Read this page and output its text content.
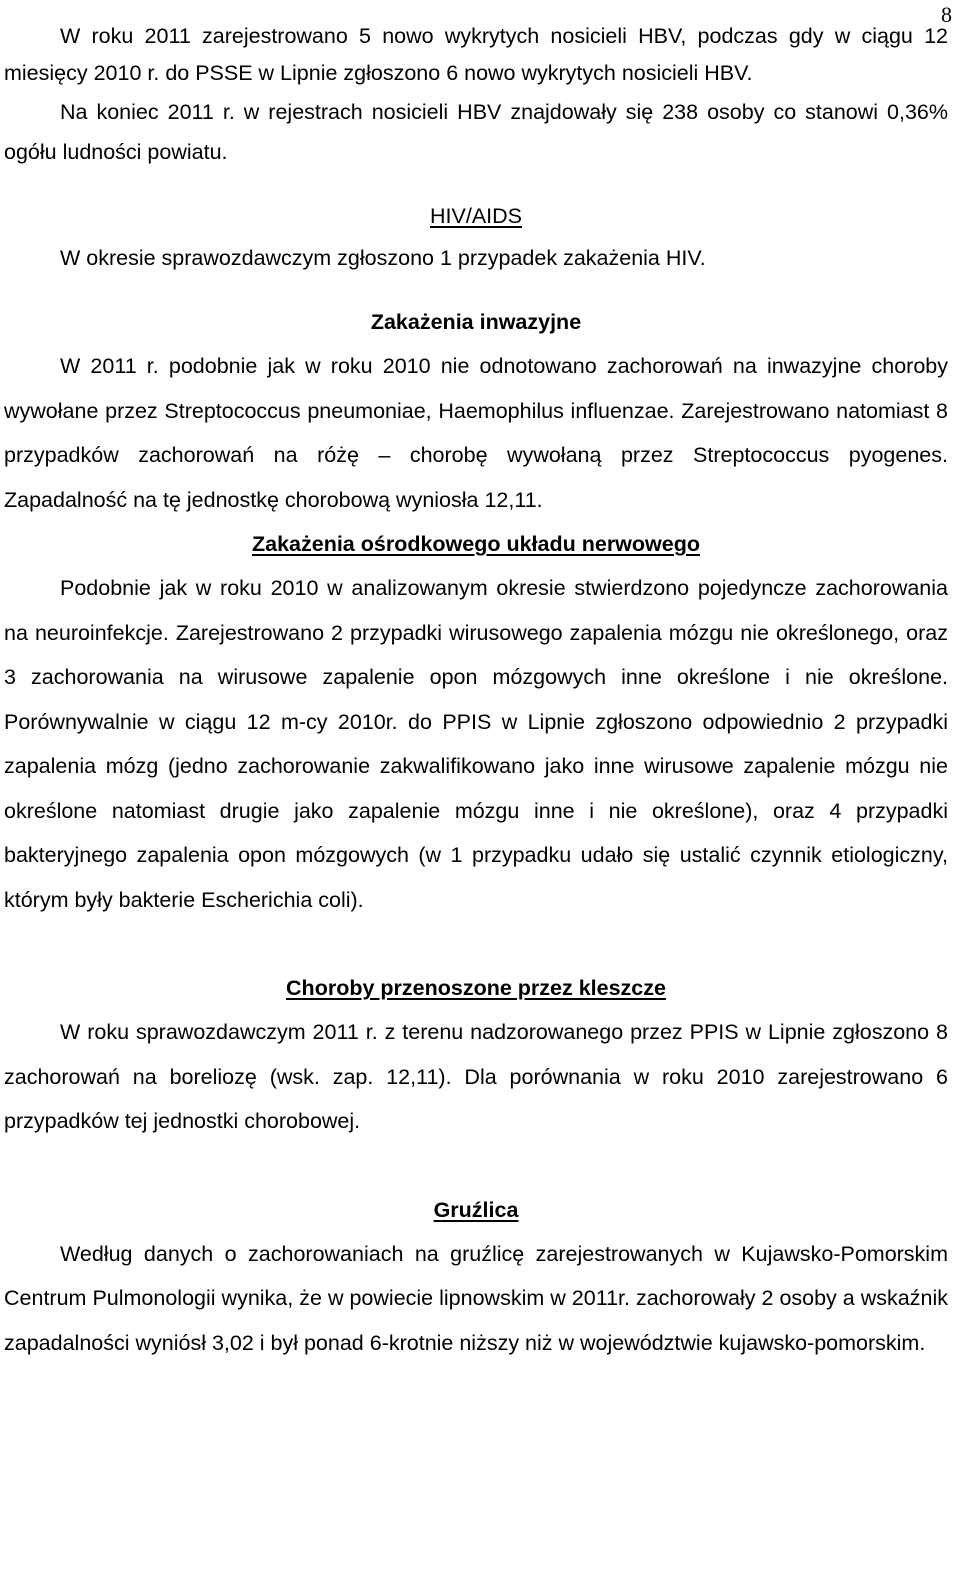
8

W roku 2011 zarejestrowano 5 nowo wykrytych nosicieli HBV, podczas gdy w ciągu 12 miesięcy 2010 r. do PSSE w Lipnie zgłoszono 6 nowo wykrytych nosicieli HBV.

Na koniec 2011 r. w rejestrach nosicieli HBV znajdowały się 238 osoby co stanowi 0,36% ogółu ludności powiatu.

HIV/AIDS

W okresie sprawozdawczym zgłoszono 1 przypadek zakażenia HIV.

Zakażenia inwazyjne

W 2011 r. podobnie jak w roku 2010 nie odnotowano zachorowań na inwazyjne choroby wywołane przez Streptococcus pneumoniae, Haemophilus influenzae. Zarejestrowano natomiast 8 przypadków zachorowań na różę – chorobę wywołaną przez Streptococcus pyogenes. Zapadalność na tę jednostkę chorobową wyniosła 12,11.

Zakażenia ośrodkowego układu nerwowego

Podobnie jak w roku 2010 w analizowanym okresie stwierdzono pojedyncze zachorowania na neuroinfekcje. Zarejestrowano 2 przypadki wirusowego zapalenia mózgu nie określonego, oraz 3 zachorowania na wirusowe zapalenie opon mózgowych inne określone i nie określone. Porównywalnie w ciągu 12 m-cy 2010r. do PPIS w Lipnie zgłoszono odpowiednio 2 przypadki zapalenia mózg (jedno zachorowanie zakwalifikowano jako inne wirusowe zapalenie mózgu nie określone natomiast drugie jako zapalenie mózgu inne i nie określone), oraz 4 przypadki bakteryjnego zapalenia opon mózgowych (w 1 przypadku udało się ustalić czynnik etiologiczny, którym były bakterie Escherichia coli).

Choroby przenoszone przez kleszcze

W roku sprawozdawczym 2011 r. z terenu nadzorowanego przez PPIS w Lipnie zgłoszono 8 zachorowań na boreliozę (wsk. zap. 12,11). Dla porównania w roku 2010 zarejestrowano 6 przypadków tej jednostki chorobowej.

Gruźlica

Według danych o zachorowaniach na gruźlicę zarejestrowanych w Kujawsko-Pomorskim Centrum Pulmonologii wynika, że w powiecie lipnowskim w 2011r. zachorowały 2 osoby a wskaźnik zapadalności wyniósł 3,02 i był ponad 6-krotnie niższy niż w województwie kujawsko-pomorskim.
